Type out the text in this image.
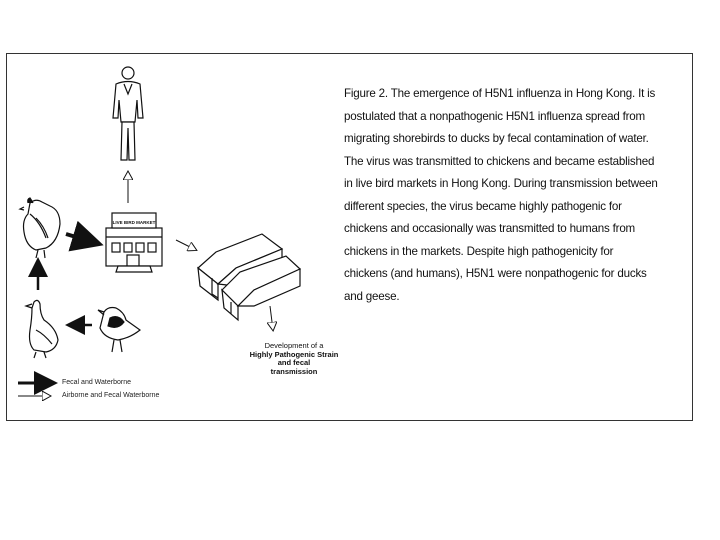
LIVE BIRD MARKET
Development of a
Highly Pathogenic Strain
and fecal
transmission
Fecal and Waterborne
Airborne and Fecal Waterborne
Figure 2. The emergence of H5N1 influenza in Hong Kong. It is
postulated that a nonpathogenic H5N1 influenza spread from
migrating shorebirds to ducks by fecal contamination of water.
The virus was transmitted to chickens and became established
in live bird markets in Hong Kong. During transmission between
different species, the virus became highly pathogenic for
chickens and occasionally was transmitted to humans from
chickens in the markets. Despite high pathogenicity for
chickens (and humans), H5N1 were nonpathogenic for ducks
and geese.
